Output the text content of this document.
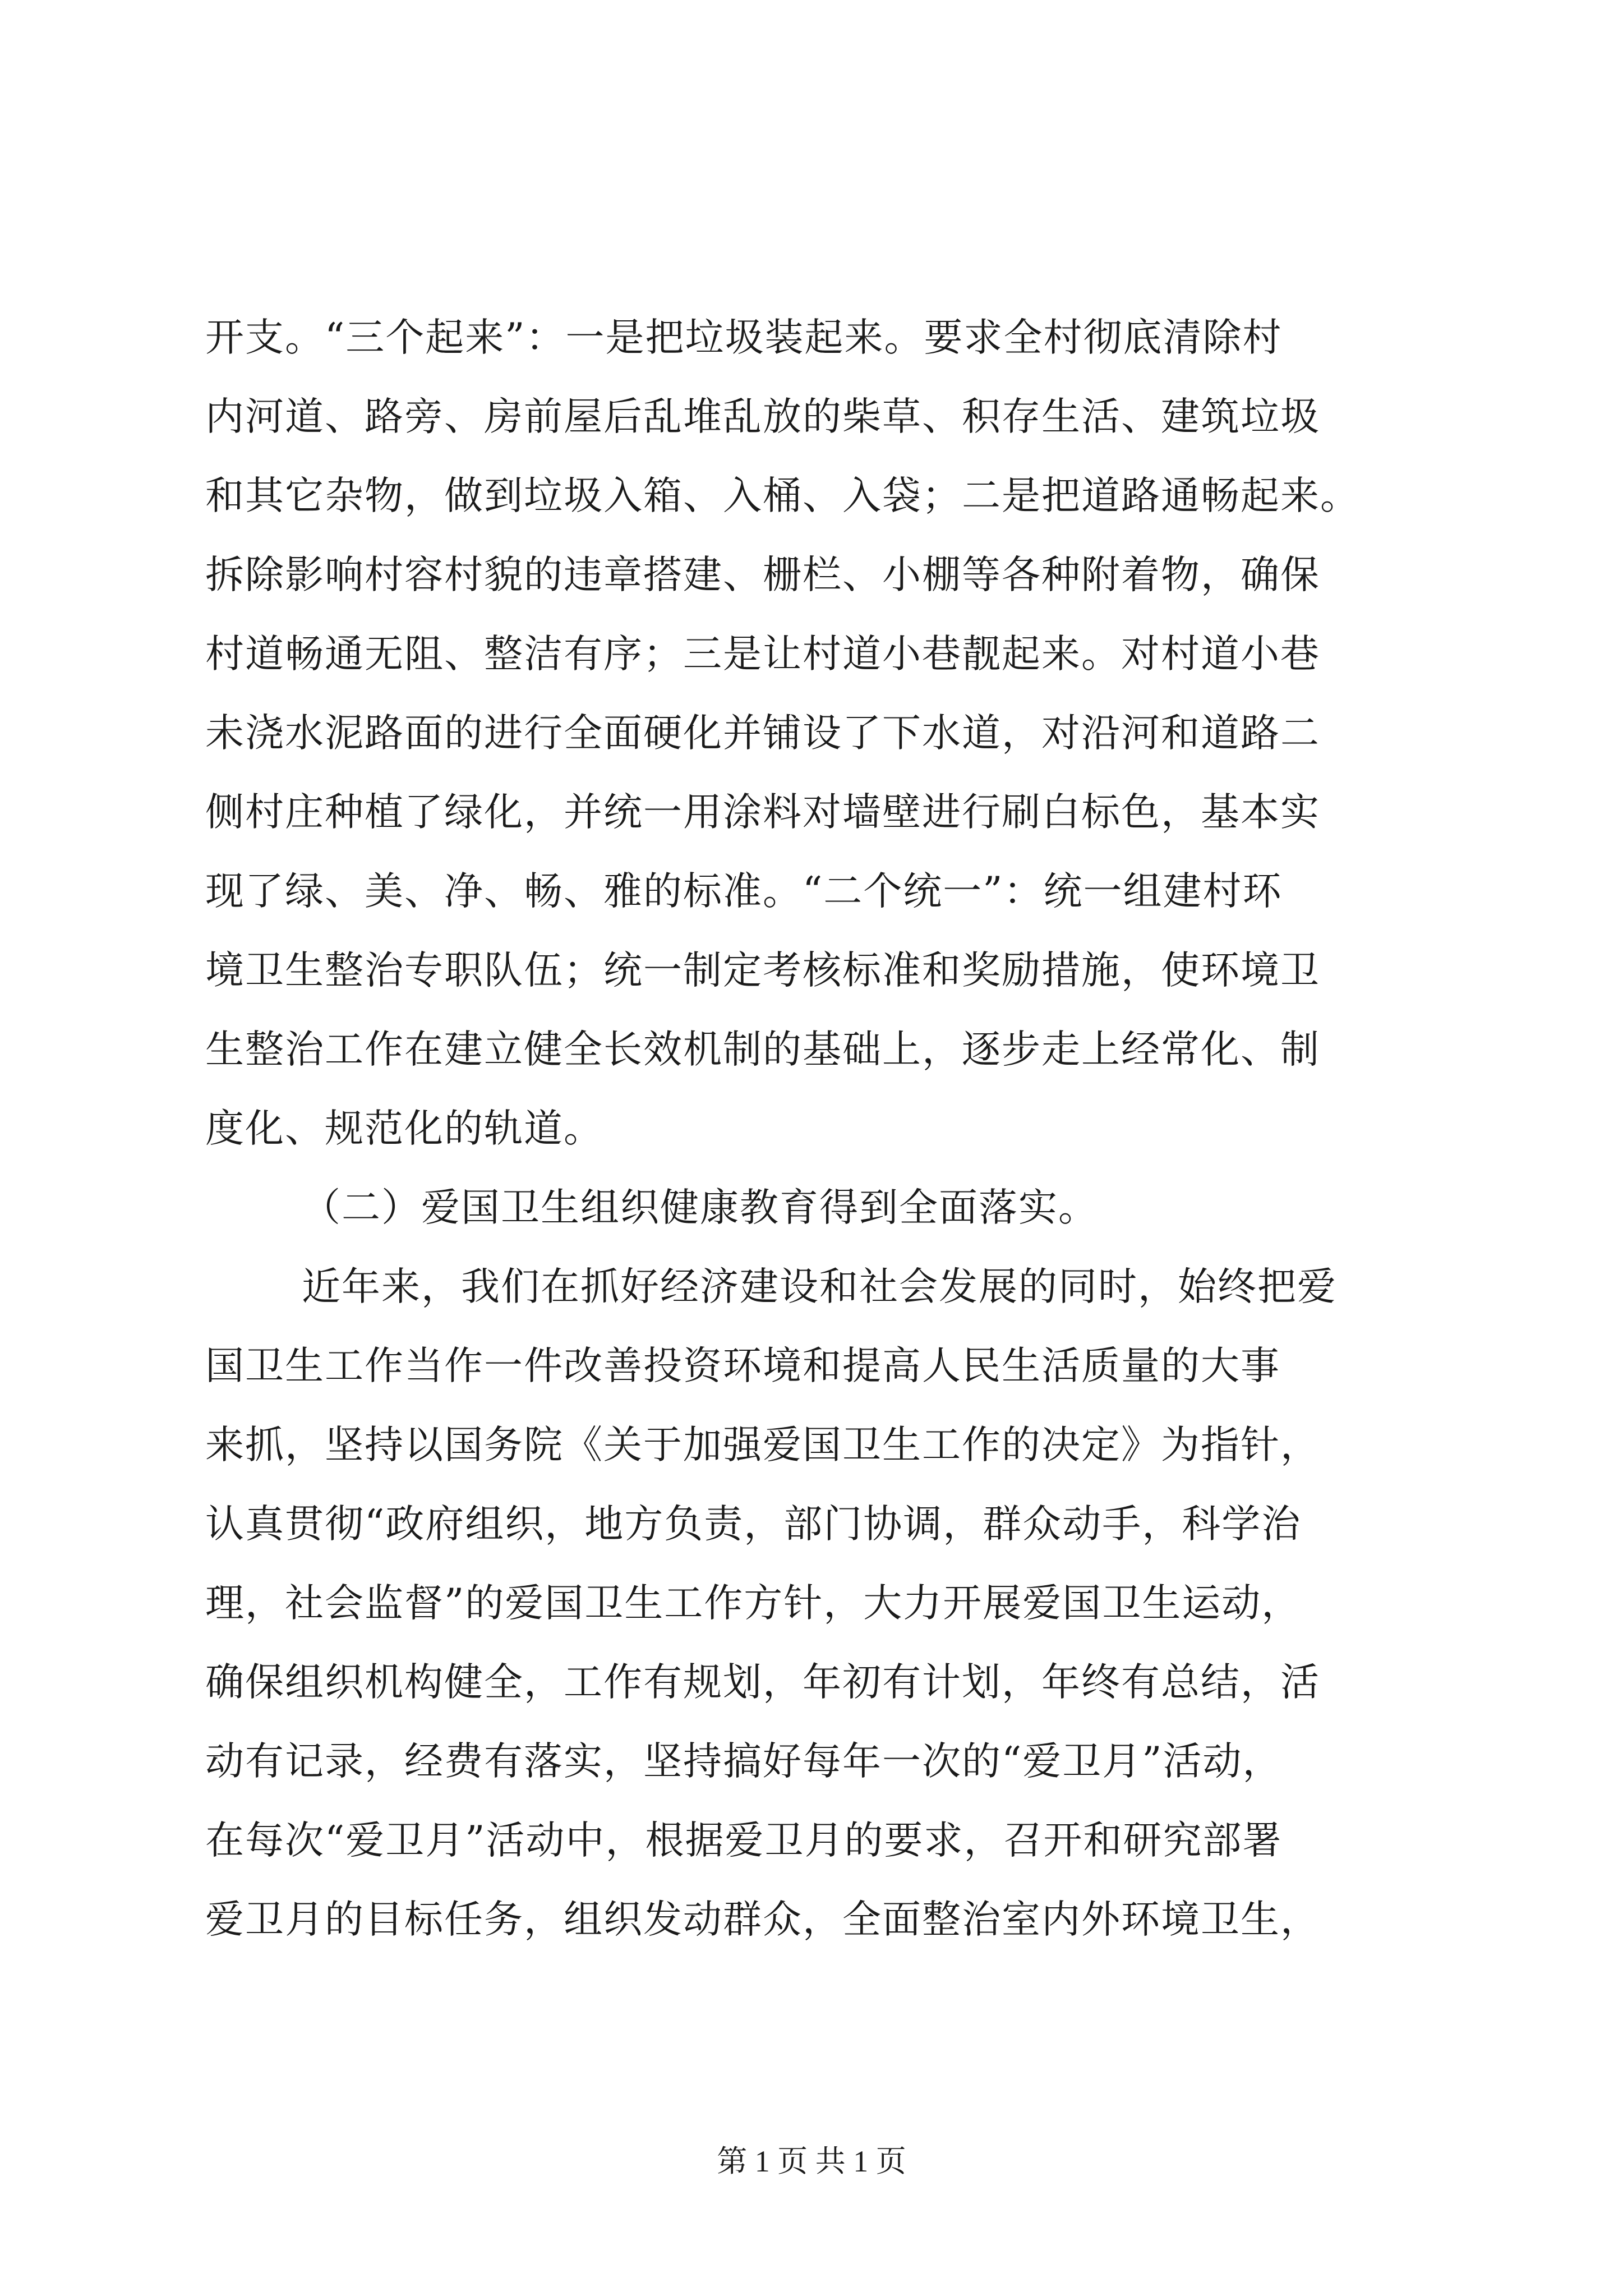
开支。“三个起来”：一是把垃圾装起来。要求全村彻底清除村
内河道、路旁、房前屋后乱堆乱放的柴草、积存生活、建筑垃圾
和其它杂物，做到垃圾入箱、入桶、入袋；二是把道路通畅起来。
拆除影响村容村貌的违章搭建、栅栏、小棚等各种附着物，确保
村道畅通无阻、整洁有序；三是让村道小巷靓起来。对村道小巷
未浇水泥路面的进行全面硬化并铺设了下水道，对沿河和道路二
侧村庄种植了绿化，并统一用涂料对墙壁进行刷白标色，基本实
现了绿、美、净、畅、雅的标准。“二个统一”：统一组建村环
境卫生整治专职队伍；统一制定考核标准和奖励措施，使环境卫
生整治工作在建立健全长效机制的基础上，逐步走上经常化、制
度化、规范化的轨道。
（二）爱国卫生组织健康教育得到全面落实。
近年来，我们在抓好经济建设和社会发展的同时，始终把爱
国卫生工作当作一件改善投资环境和提高人民生活质量的大事
来抓，坚持以国务院《关于加强爱国卫生工作的决定》为指针，
认真贯彻“政府组织，地方负责，部门协调，群众动手，科学治
理，社会监督”的爱国卫生工作方针，大力开展爱国卫生运动，
确保组织机构健全，工作有规划，年初有计划，年终有总结，活
动有记录，经费有落实，坚持搞好每年一次的“爱卫月”活动，
在每次“爱卫月”活动中，根据爱卫月的要求，召开和研究部署
爱卫月的目标任务，组织发动群众，全面整治室内外环境卫生，
第 1 页 共 1 页
